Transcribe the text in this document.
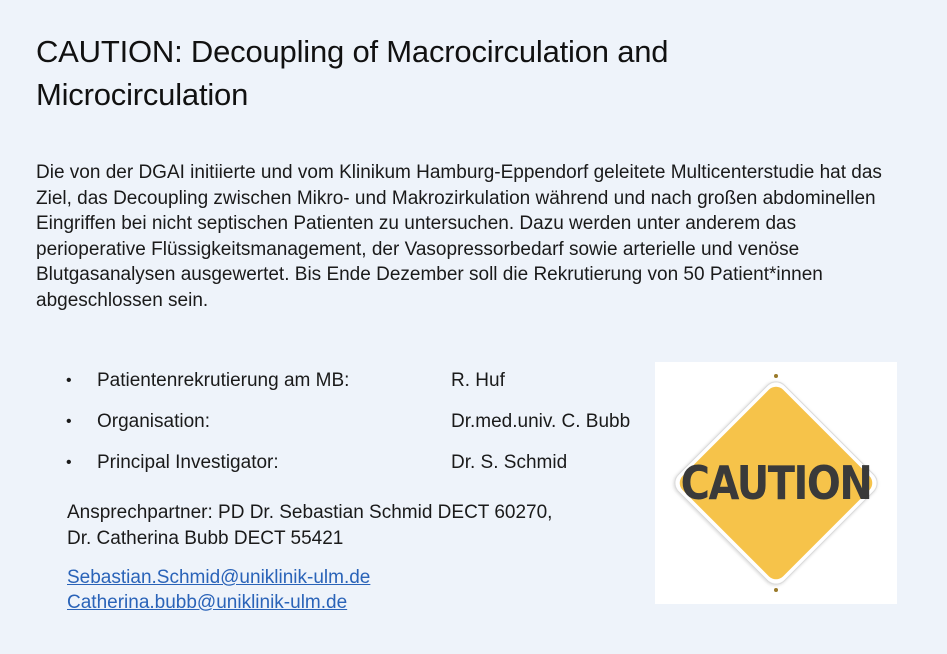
CAUTION: Decoupling of Macrocirculation and Microcirculation
Die von der DGAI initiierte und vom Klinikum Hamburg-Eppendorf geleitete Multicenterstudie hat das Ziel, das Decoupling zwischen Mikro- und Makrozirkulation während und nach großen abdominellen Eingriffen bei nicht septischen Patienten zu untersuchen. Dazu werden unter anderem das perioperative Flüssigkeitsmanagement, der Vasopressorbedarf sowie arterielle und venöse Blutgasanalysen ausgewertet. Bis Ende Dezember soll die Rekrutierung von 50 Patient*innen abgeschlossen sein.
• Patientenrekrutierung am MB:	R. Huf
• Organisation:	Dr.med.univ. C. Bubb
• Principal Investigator:	Dr. S. Schmid
Ansprechpartner: PD Dr. Sebastian Schmid DECT 60270, Dr. Catherina Bubb DECT 55421
Sebastian.Schmid@uniklinik-ulm.de
Catherina.bubb@uniklinik-ulm.de
CAUTION
